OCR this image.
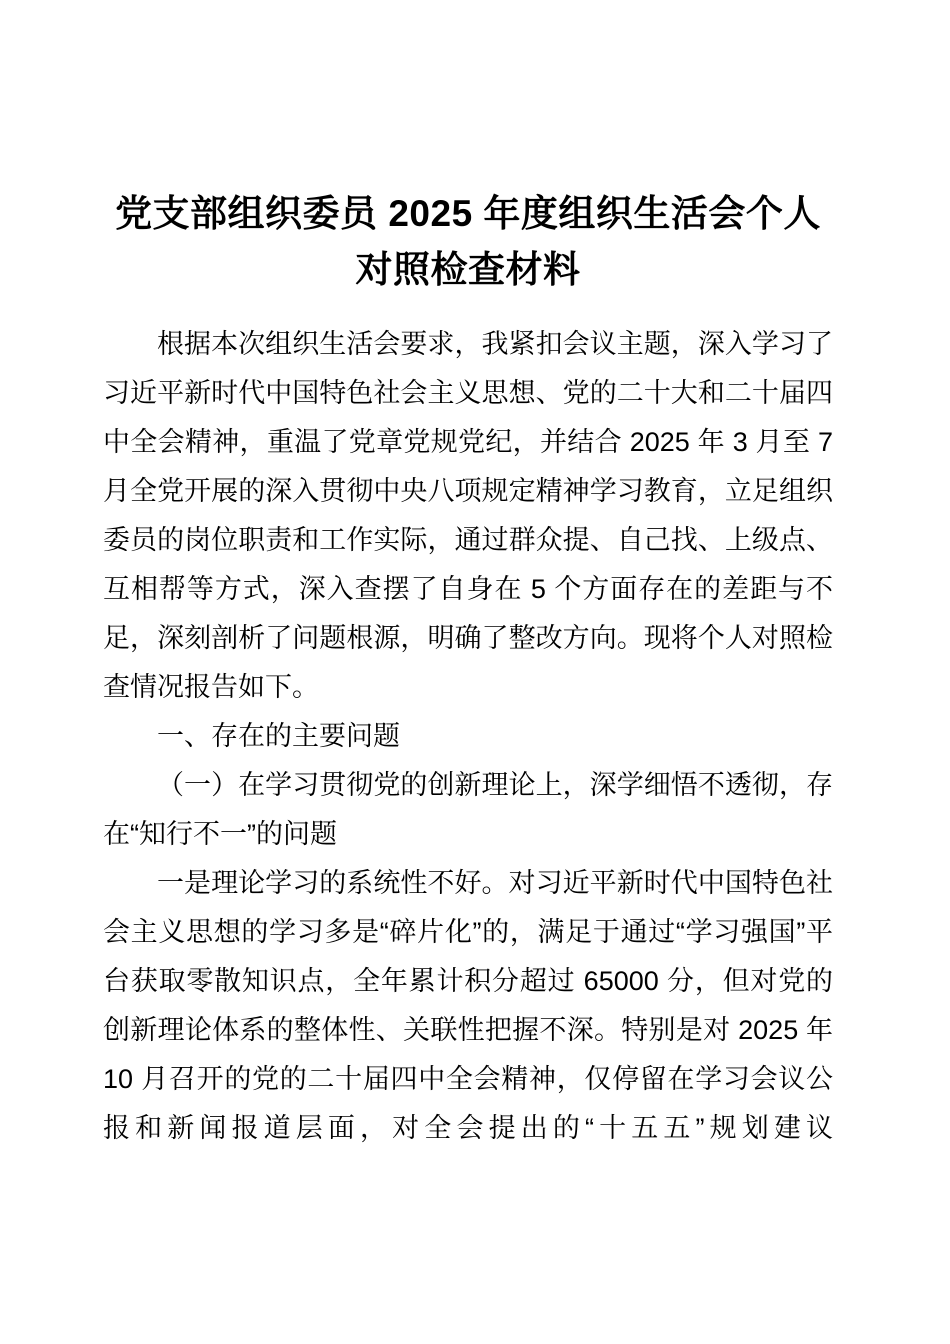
党支部组织委员 2025 年度组织生活会个人对照检查材料

根据本次组织生活会要求，我紧扣会议主题，深入学习了习近平新时代中国特色社会主义思想、党的二十大和二十届四中全会精神，重温了党章党规党纪，并结合 2025 年 3 月至 7 月全党开展的深入贯彻中央八项规定精神学习教育，立足组织委员的岗位职责和工作实际，通过群众提、自己找、上级点、互相帮等方式，深入查摆了自身在 5 个方面存在的差距与不足，深刻剖析了问题根源，明确了整改方向。现将个人对照检查情况报告如下。

一、存在的主要问题

（一）在学习贯彻党的创新理论上，深学细悟不透彻，存在“知行不一”的问题

一是理论学习的系统性不好。对习近平新时代中国特色社会主义思想的学习多是“碎片化”的，满足于通过“学习强国”平台获取零散知识点，全年累计积分超过 65000 分，但对党的创新理论体系的整体性、关联性把握不深。特别是对 2025 年 10 月召开的党的二十届四中全会精神，仅停留在学习会议公报和新闻报道层面，对全会提出的“十五五”规划建议
